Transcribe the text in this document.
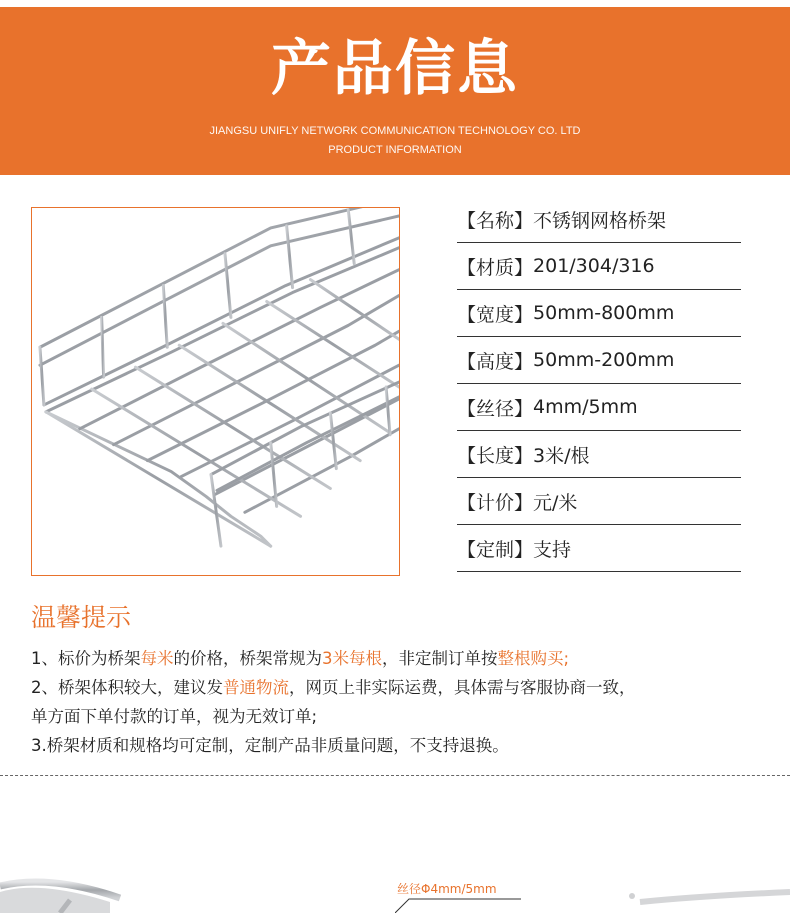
产品信息
JIANGSU UNIFLY NETWORK COMMUNICATION TECHNOLOGY CO. LTD
PRODUCT INFORMATION
【名称】 不锈钢网格桥架
【材质】 201/304/316
【宽度】 50mm-800mm
【高度】 50mm-200mm
【丝径】 4mm/5mm
【长度】 3米/根
【计价】 元/米
【定制】 支持
温馨提示

1、标价为桥架每米的价格，桥架常规为3米每根，非定制订单按整根购买;

2、桥架体积较大，建议发普通物流，网页上非实际运费，具体需与客服协商一致，

单方面下单付款的订单，视为无效订单;

3.桥架材质和规格均可定制，定制产品非质量问题，不支持退换。

丝径Φ4mm/5mm
